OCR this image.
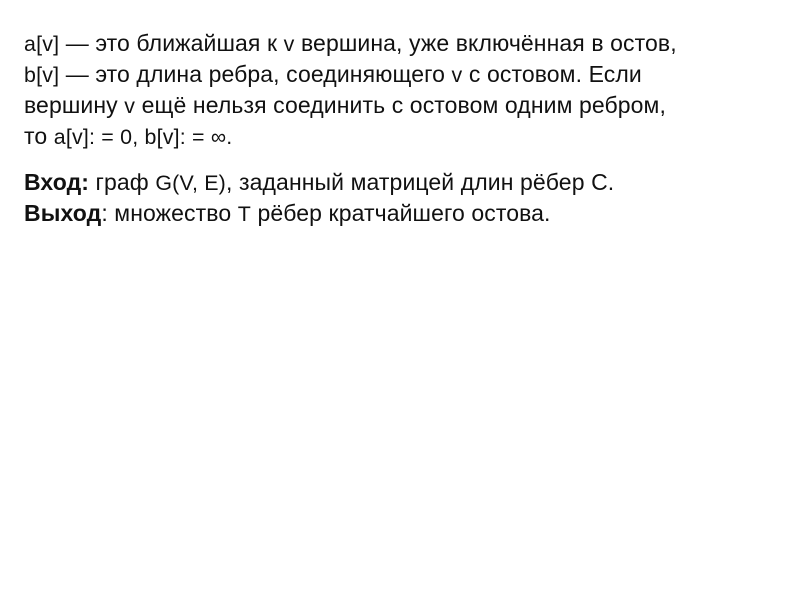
a[v] — это ближайшая к v вершина, уже включённая в остов,
b[v] — это длина ребра, соединяющего v с остовом. Если
вершину v ещё нельзя соединить с остовом одним ребром,
то a[v]: = 0, b[v]: = ∞.
Вход: граф G(V, E), заданный матрицей длин рёбер С.
Выход: множество Т рёбер кратчайшего остова.
